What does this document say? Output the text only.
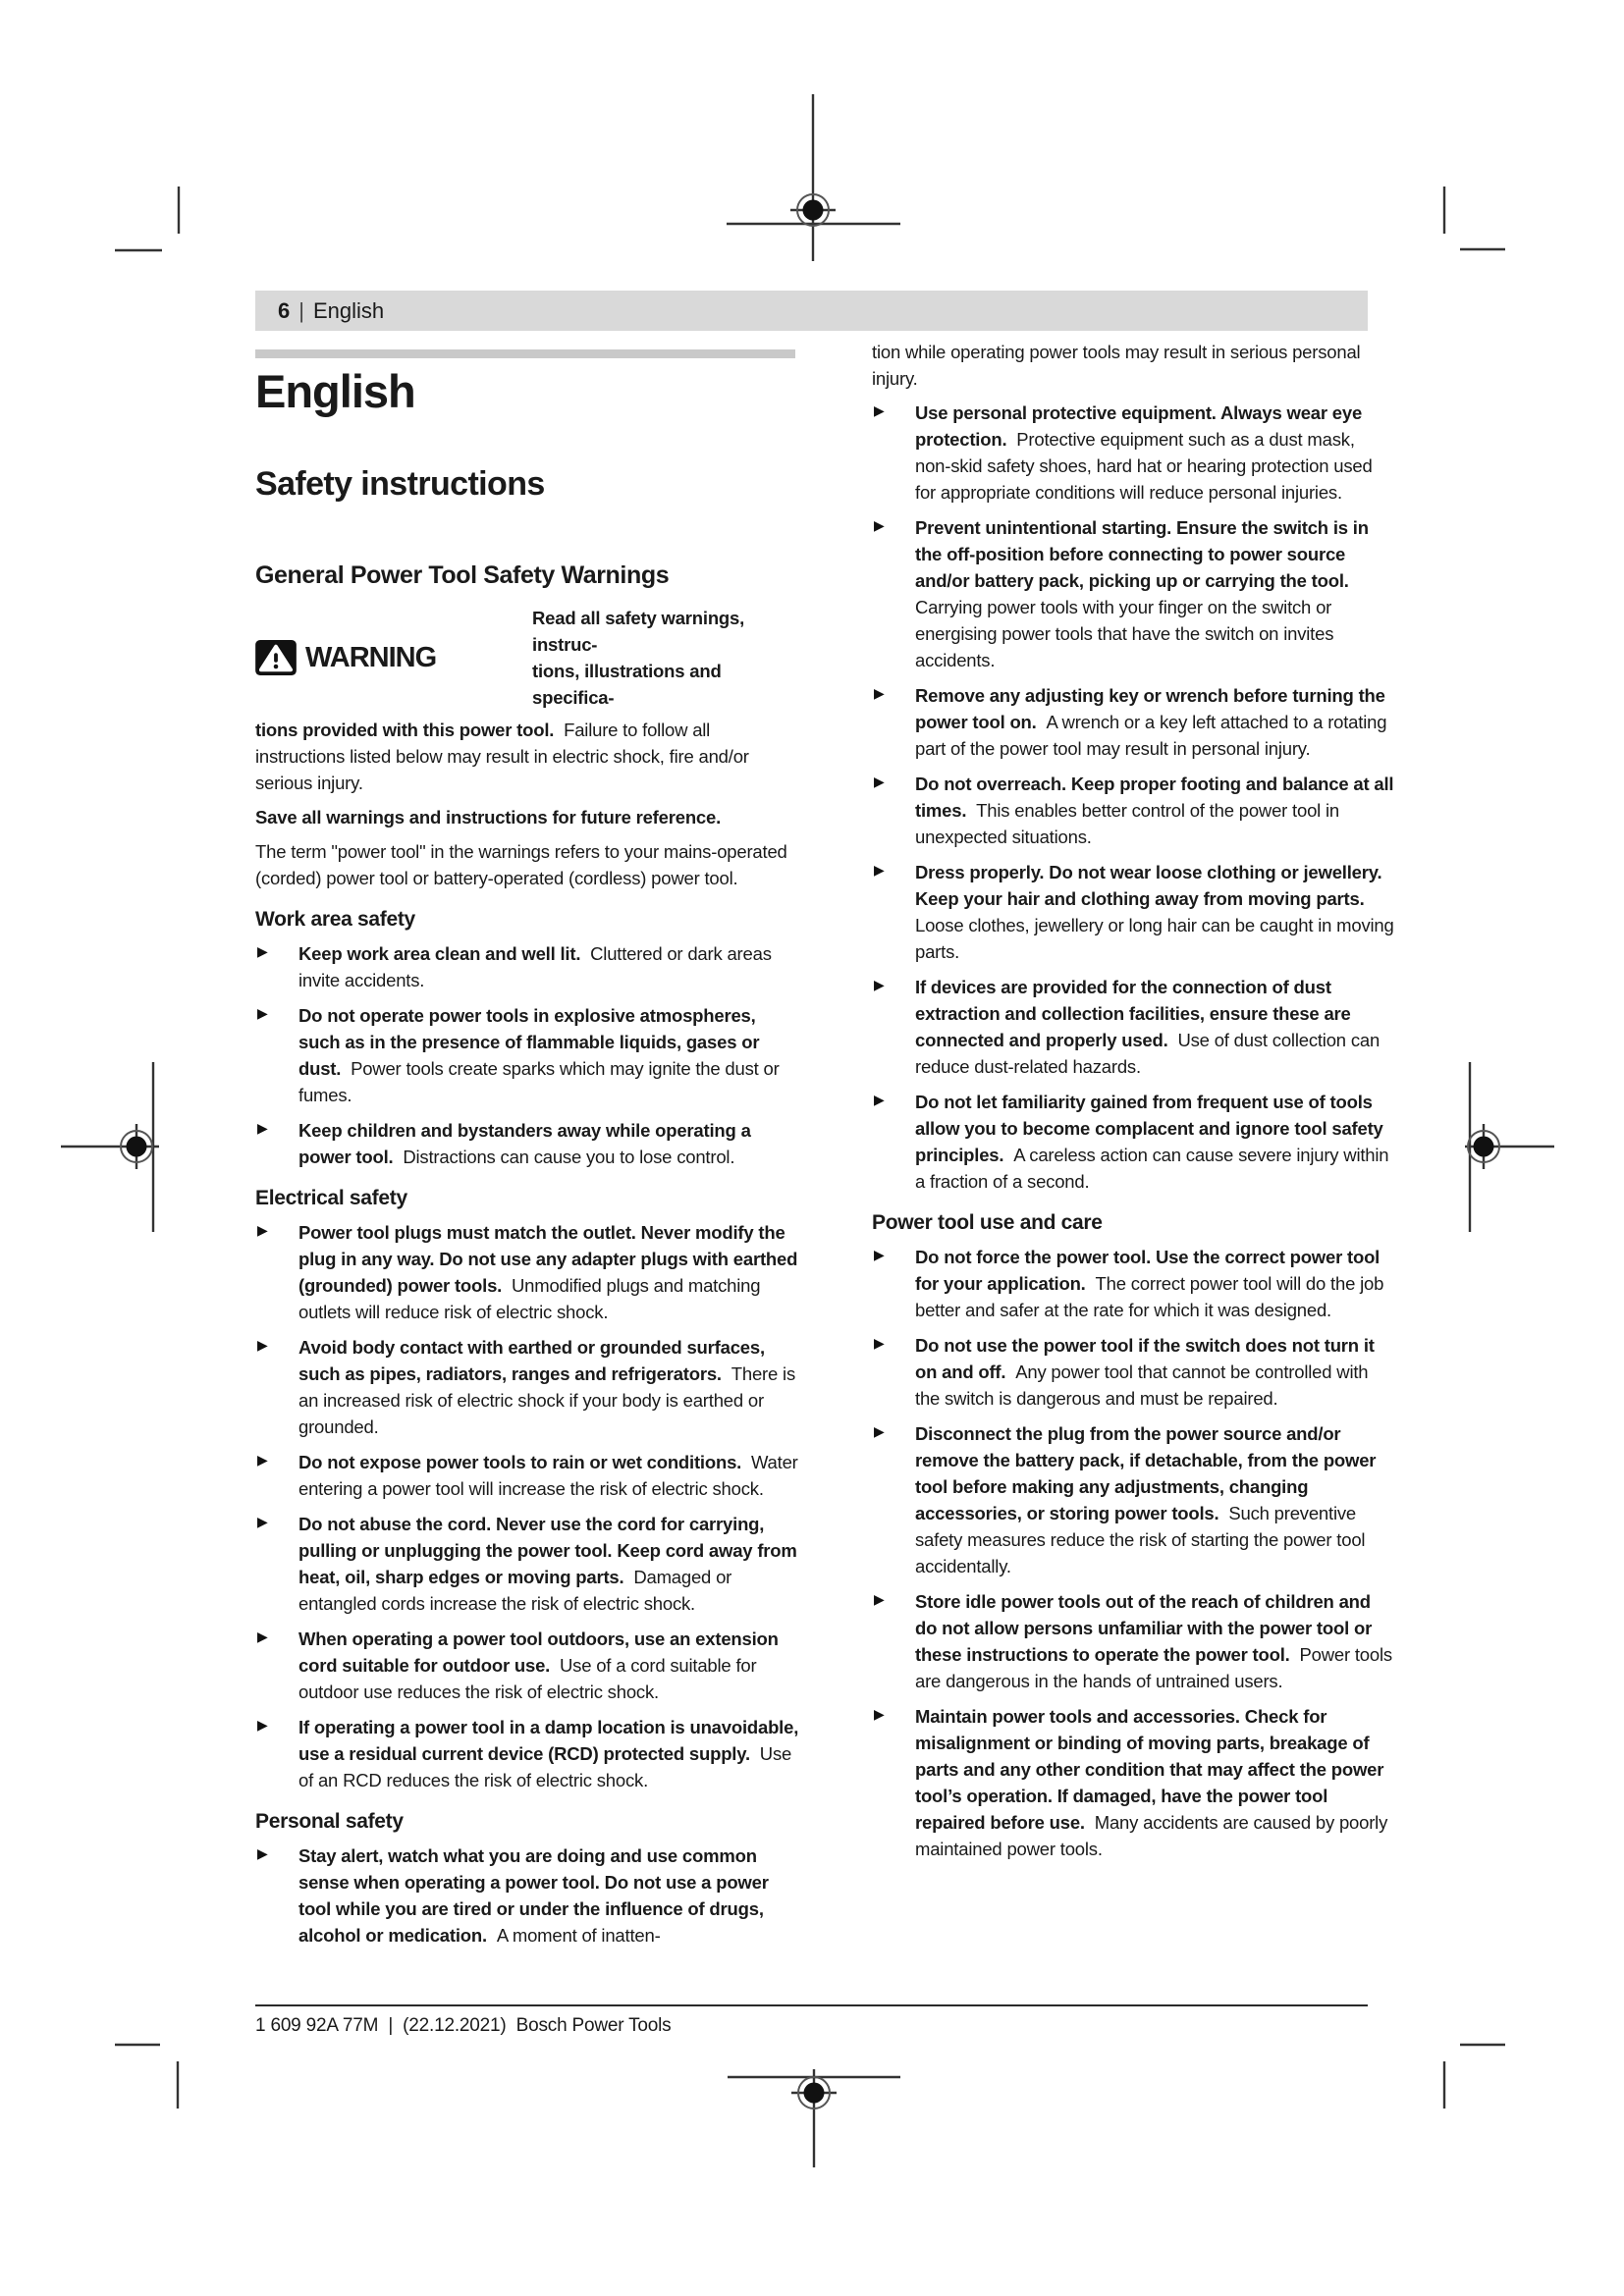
6 | English
English
Safety instructions
General Power Tool Safety Warnings
WARNING
Read all safety warnings, instruc-
tions, illustrations and specifica-

tions provided with this power tool.  Failure to follow all instructions listed below may result in electric shock, fire and/or serious injury.

Save all warnings and instructions for future reference.

The term "power tool" in the warnings refers to your mains-operated (corded) power tool or battery-operated (cordless) power tool.

Work area safety
▶ Keep work area clean and well lit.  Cluttered or dark areas invite accidents.
▶ Do not operate power tools in explosive atmospheres, such as in the presence of flammable liquids, gases or dust.  Power tools create sparks which may ignite the dust or fumes.
▶ Keep children and bystanders away while operating a power tool.  Distractions can cause you to lose control.
Electrical safety
▶ Power tool plugs must match the outlet. Never modify the plug in any way. Do not use any adapter plugs with earthed (grounded) power tools.  Unmodified plugs and matching outlets will reduce risk of electric shock.
▶ Avoid body contact with earthed or grounded surfaces, such as pipes, radiators, ranges and refrigerators.  There is an increased risk of electric shock if your body is earthed or grounded.
▶ Do not expose power tools to rain or wet conditions.  Water entering a power tool will increase the risk of electric shock.
▶ Do not abuse the cord. Never use the cord for carrying, pulling or unplugging the power tool. Keep cord away from heat, oil, sharp edges or moving parts.  Damaged or entangled cords increase the risk of electric shock.
▶ When operating a power tool outdoors, use an extension cord suitable for outdoor use.  Use of a cord suitable for outdoor use reduces the risk of electric shock.
▶ If operating a power tool in a damp location is unavoidable, use a residual current device (RCD) protected supply.  Use of an RCD reduces the risk of electric shock.
Personal safety
▶ Stay alert, watch what you are doing and use common sense when operating a power tool. Do not use a power tool while you are tired or under the influence of drugs, alcohol or medication.  A moment of inatten-

tion while operating power tools may result in serious personal injury.

▶ Use personal protective equipment. Always wear eye protection.  Protective equipment such as a dust mask, non-skid safety shoes, hard hat or hearing protection used for appropriate conditions will reduce personal injuries.
▶ Prevent unintentional starting. Ensure the switch is in the off-position before connecting to power source and/or battery pack, picking up or carrying the tool.  Carrying power tools with your finger on the switch or energising power tools that have the switch on invites accidents.
▶ Remove any adjusting key or wrench before turning the power tool on.  A wrench or a key left attached to a rotating part of the power tool may result in personal injury.
▶ Do not overreach. Keep proper footing and balance at all times.  This enables better control of the power tool in unexpected situations.
▶ Dress properly. Do not wear loose clothing or jewellery. Keep your hair and clothing away from moving parts.  Loose clothes, jewellery or long hair can be caught in moving parts.
▶ If devices are provided for the connection of dust extraction and collection facilities, ensure these are connected and properly used.  Use of dust collection can reduce dust-related hazards.
▶ Do not let familiarity gained from frequent use of tools allow you to become complacent and ignore tool safety principles.  A careless action can cause severe injury within a fraction of a second.
Power tool use and care
▶ Do not force the power tool. Use the correct power tool for your application.  The correct power tool will do the job better and safer at the rate for which it was designed.
▶ Do not use the power tool if the switch does not turn it on and off.  Any power tool that cannot be controlled with the switch is dangerous and must be repaired.
▶ Disconnect the plug from the power source and/or remove the battery pack, if detachable, from the power tool before making any adjustments, changing accessories, or storing power tools.  Such preventive safety measures reduce the risk of starting the power tool accidentally.
▶ Store idle power tools out of the reach of children and do not allow persons unfamiliar with the power tool or these instructions to operate the power tool.  Power tools are dangerous in the hands of untrained users.
▶ Maintain power tools and accessories. Check for misalignment or binding of moving parts, breakage of parts and any other condition that may affect the power tool’s operation. If damaged, have the power tool repaired before use.  Many accidents are caused by poorly maintained power tools.
1 609 92A 77M | (22.12.2021) Bosch Power Tools
